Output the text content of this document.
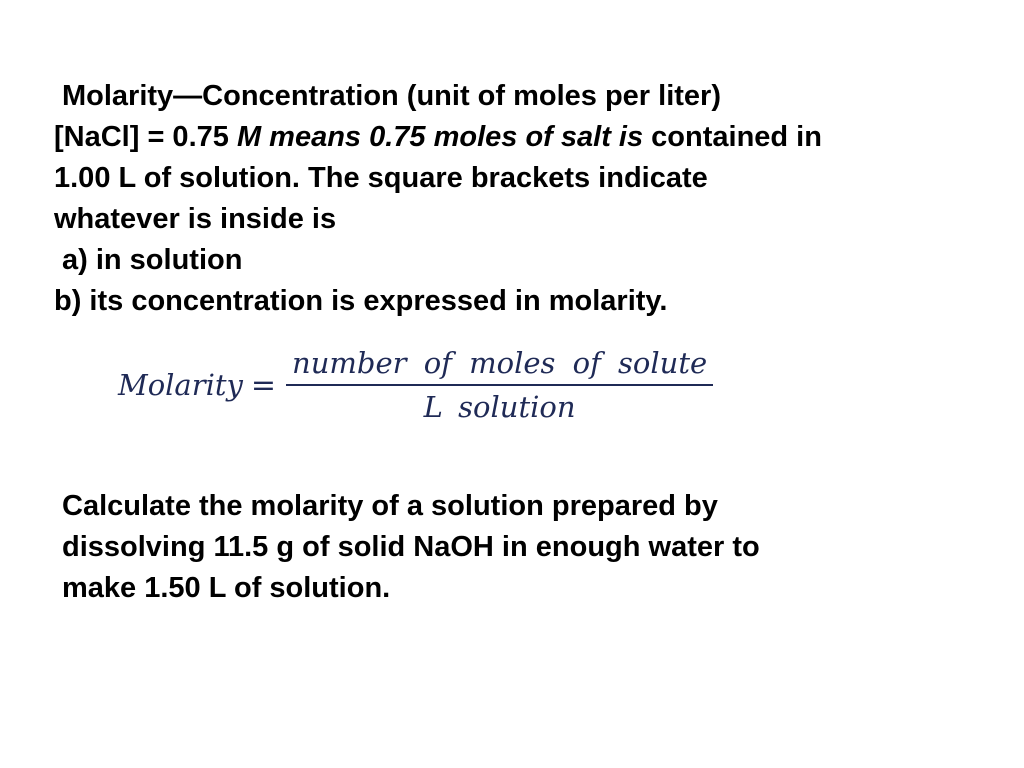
Molarity—Concentration (unit of moles per liter)
[NaCl] = 0.75 M means 0.75 moles of salt is contained in
1.00 L of solution. The square brackets indicate
whatever is inside is
a) in solution
b) its concentration is expressed in molarity.
Molarity = $\frac{\text{number of moles of solute}}{\text{L solution}}$
Calculate the molarity of a solution prepared by
dissolving 11.5 g of solid NaOH in enough water to
make 1.50 L of solution.
